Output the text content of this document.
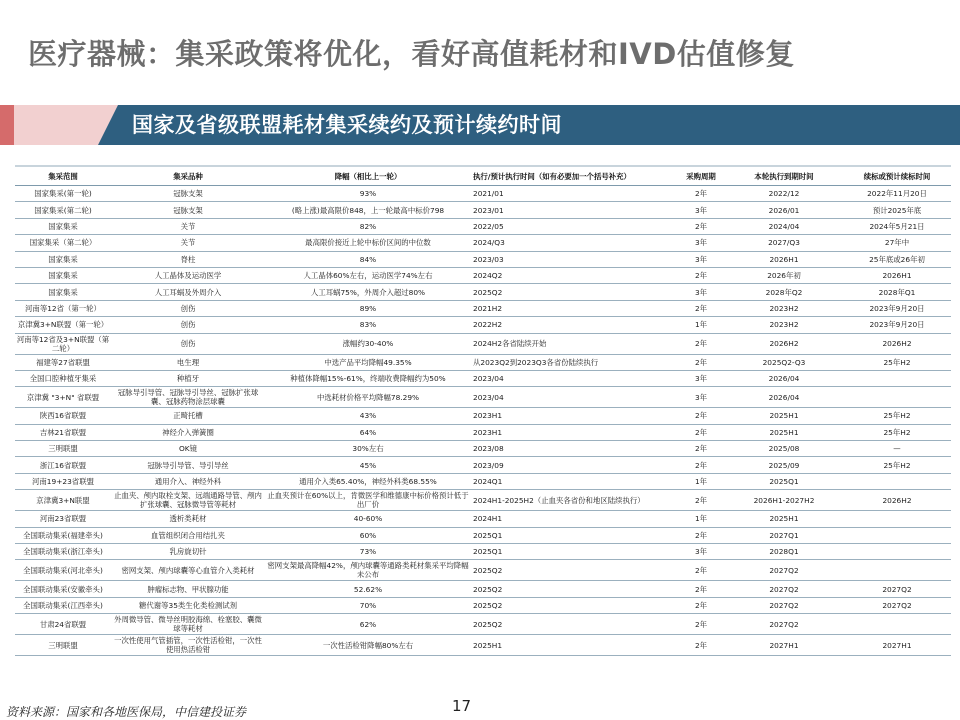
医疗器械：集采政策将优化，看好高值耗材和IVD估值修复
国家及省级联盟耗材集采续约及预计续约时间
集采范围	集采品种	降幅（相比上一轮）	执行/预计执行时间（如有必要加一个括号补充）	采购周期	本轮执行到期时间	续标或预计续标时间
国家集采(第一轮)	冠脉支架	93%	2021/01	2年	2022/12	2022年11月20日
国家集采(第二轮)	冠脉支架	(略上涨)最高限价848，上一轮最高中标价798	2023/01	3年	2026/01	预计2025年底
国家集采	关节	82%	2022/05	2年	2024/04	2024年5月21日
国家集采（第二轮）	关节	最高限价接近上轮中标价区间的中位数	2024/Q3	3年	2027/Q3	27年中
国家集采	脊柱	84%	2023/03	3年	2026H1	25年底或26年初
国家集采	人工晶体及运动医学	人工晶体60%左右，运动医学74%左右	2024Q2	2年	2026年初	2026H1
国家集采	人工耳蜗及外周介入	人工耳蜗75%，外周介入超过80%	2025Q2	3年	2028年Q2	2028年Q1
河南等12省（第一轮）	创伤	89%	2021H2	2年	2023H2	2023年9月20日
京津冀3+N联盟（第一轮）	创伤	83%	2022H2	1年	2023H2	2023年9月20日
河南等12省及3+N联盟（第二轮）	创伤	涨幅约30-40%	2024H2各省陆续开始	2年	2026H2	2026H2
福建等27省联盟	电生理	中选产品平均降幅49.35%	从2023Q2到2023Q3各省份陆续执行	2年	2025Q2-Q3	25年H2
全国口腔种植牙集采	种植牙	种植体降幅15%-61%，终端收费降幅约为50%	2023/04	3年	2026/04	
京津冀 "3+N" 省联盟	冠脉导引导管、冠脉导引导丝、冠脉扩张球囊、冠脉药物涂层球囊	中选耗材价格平均降幅78.29%	2023/04	3年	2026/04	
陕西16省联盟	正畸托槽	43%	2023H1	2年	2025H1	25年H2
吉林21省联盟	神经介入弹簧圈	64%	2023H1	2年	2025H1	25年H2
三明联盟	OK镜	30%左右	2023/08	2年	2025/08	—
浙江16省联盟	冠脉导引导管、导引导丝	45%	2023/09	2年	2025/09	25年H2
河南19+23省联盟	通用介入、神经外科	通用介入类65.40%，神经外科类68.55%	2024Q1	1年	2025Q1	
京津冀3+N联盟	止血夹、颅内取栓支架、远端通路导管、颅内扩张球囊、冠脉微导管等耗材	止血夹预计在60%以上，肯微医学和维德康中标价格预计低于出厂价	2024H1-2025H2（止血夹各省份和地区陆续执行）	2年	2026H1-2027H2	2026H2
河南23省联盟	透析类耗材	40-60%	2024H1	1年	2025H1	
全国联动集采(福建牵头)	血管组织闭合用结扎夹	60%	2025Q1	2年	2027Q1	
全国联动集采(浙江牵头)	乳房旋切针	73%	2025Q1	3年	2028Q1	
全国联动集采(河北牵头)	密网支架、颅内球囊等心血管介入类耗材	密网支架最高降幅42%，颅内球囊等通路类耗材集采平均降幅未公布	2025Q2	2年	2027Q2	
全国联动集采(安徽牵头)	肿瘤标志物、甲状腺功能	52.62%	2025Q2	2年	2027Q2	2027Q2
全国联动集采(江西牵头)	糖代谢等35类生化类检测试剂	70%	2025Q2	2年	2027Q2	2027Q2
甘肃24省联盟	外周微导管、微导丝明胶海绵、栓塞胶、囊微球等耗材	62%	2025Q2	2年	2027Q2	
三明联盟	一次性使用气管插管，一次性活检钳，一次性使用热活检钳	一次性活检钳降幅80%左右	2025H1	2年	2027H1	2027H1
资料来源：国家和各地医保局，中信建投证券	17
